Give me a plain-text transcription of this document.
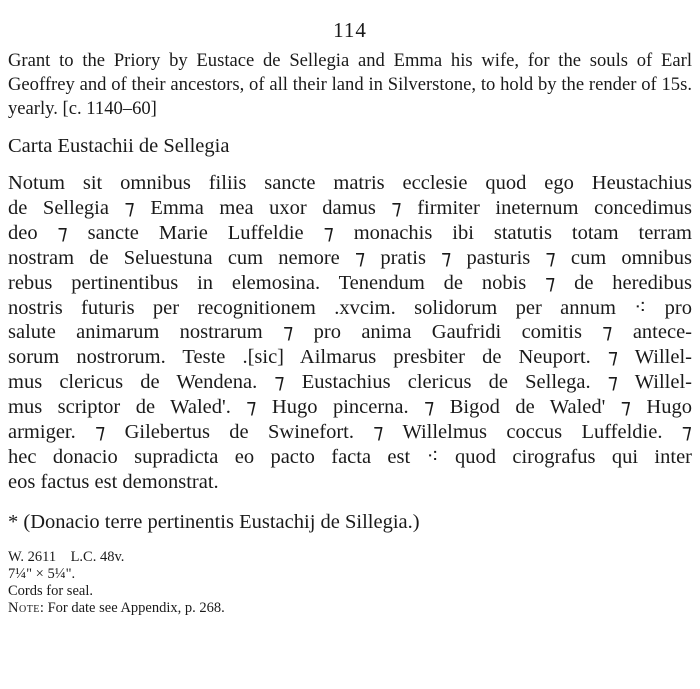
114

Grant to the Priory by Eustace de Sellegia and Emma his wife, for the souls of Earl Geoffrey and of their ancestors, of all their land in Silverstone, to hold by the render of 15s. yearly. [c. 1140–60]

Carta Eustachii de Sellegia
Notum sit omnibus filiis sancte matris ecclesie quod ego Heustachius
de Sellegia ⁊ Emma mea uxor damus ⁊ firmiter ineternum concedimus
deo ⁊ sancte Marie Luffeldie ⁊ monachis ibi statutis totam terram
nostram de Seluestuna cum nemore ⁊ pratis ⁊ pasturis ⁊ cum omnibus
rebus pertinentibus in elemosina. Tenendum de nobis ⁊ de heredibus
nostris futuris per recognitionem .xvcim. solidorum per annum ⁖ pro
salute animarum nostrarum ⁊ pro anima Gaufridi comitis ⁊ antece-
sorum nostrorum. Teste .[sic] Ailmarus presbiter de Neuport. ⁊ Willel-
mus clericus de Wendena. ⁊ Eustachius clericus de Sellega. ⁊ Willel-
mus scriptor de Waled'. ⁊ Hugo pincerna. ⁊ Bigod de Waled' ⁊ Hugo
armiger. ⁊ Gilebertus de Swinefort. ⁊ Willelmus coccus Luffeldie. ⁊
hec donacio supradicta eo pacto facta est ⁖ quod cirografus qui inter
eos factus est demonstrat.
* (Donacio terre pertinentis Eustachij de Sillegia.)
W. 2611    L.C. 48v.
7¼" × 5¼".
Cords for seal.
Note: For date see Appendix, p. 268.
